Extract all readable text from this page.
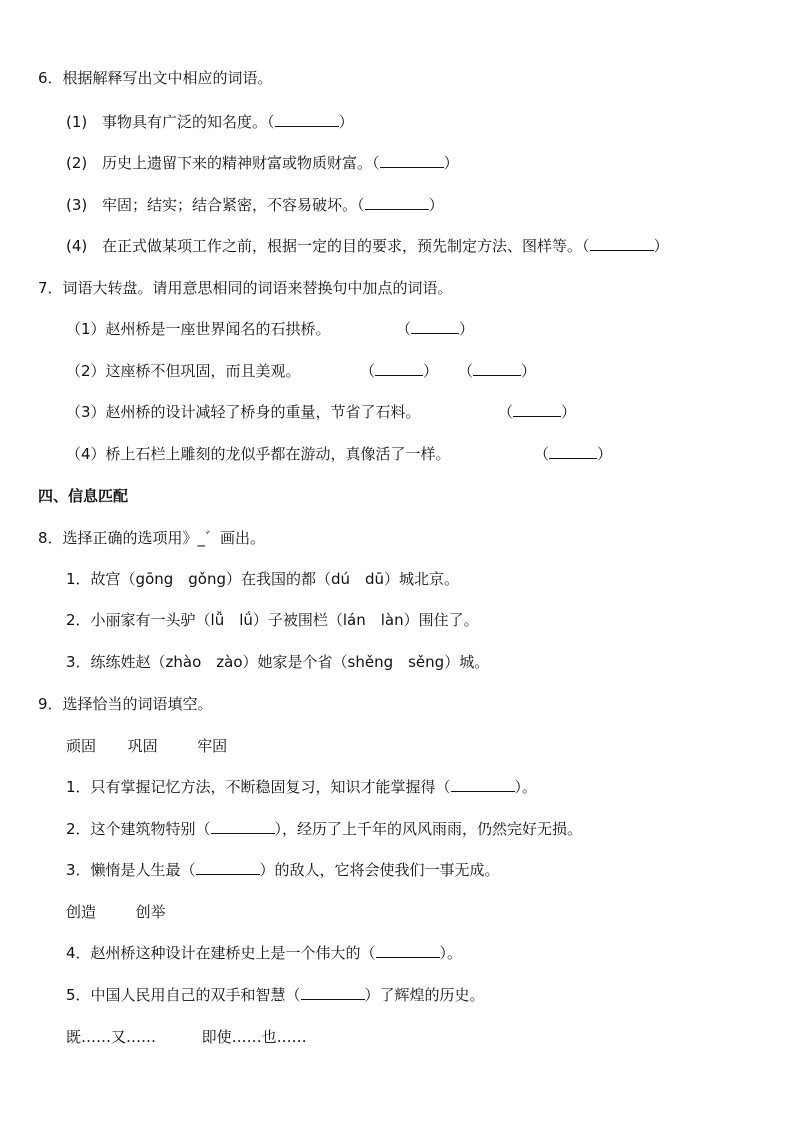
6．根据解释写出文中相应的词语。
(1) 事物具有广泛的知名度。（	）
(2) 历史上遗留下来的精神财富或物质财富。（	）
(3) 牢固；结实；结合紧密，不容易破坏。（	）
(4) 在正式做某项工作之前，根据一定的目的要求，预先制定方法、图样等。（	）
7．词语大转盘。请用意思相同的词语来替换句中加点的词语。
（1）赵州桥是一座世界闻名的石拱桥。	（	）
（2）这座桥不但巩固，而且美观。	（	） （	）
（3）赵州桥的设计减轻了桥身的重量，节省了石料。	（	）
（4）桥上石栏上雕刻的龙似乎都在游动，真像活了一样。	（	）
四、信息匹配
8．选择正确的选项用》_゛画出。
1．故宫（gōng　gǒng）在我国的都（dú　dū）城北京。
2．小丽家有一头驴（lǚ　lǘ）子被围栏（lán　làn）围住了。
3．练练姓赵（zhào　zào）她家是个省（shěng　sěng）城。
9．选择恰当的词语填空。
顽固 巩固	牢固
1．只有掌握记忆方法，不断稳固复习，知识才能掌握得（	）。
2．这个建筑物特别（	），经历了上千年的风风雨雨，仍然完好无损。
3．懒惰是人生最（	）的敌人，它将会使我们一事无成。
创造	创举
4．赵州桥这种设计在建桥史上是一个伟大的（	）。
5．中国人民用自己的双手和智慧（	）了辉煌的历史。
既……又……	即使……也……
